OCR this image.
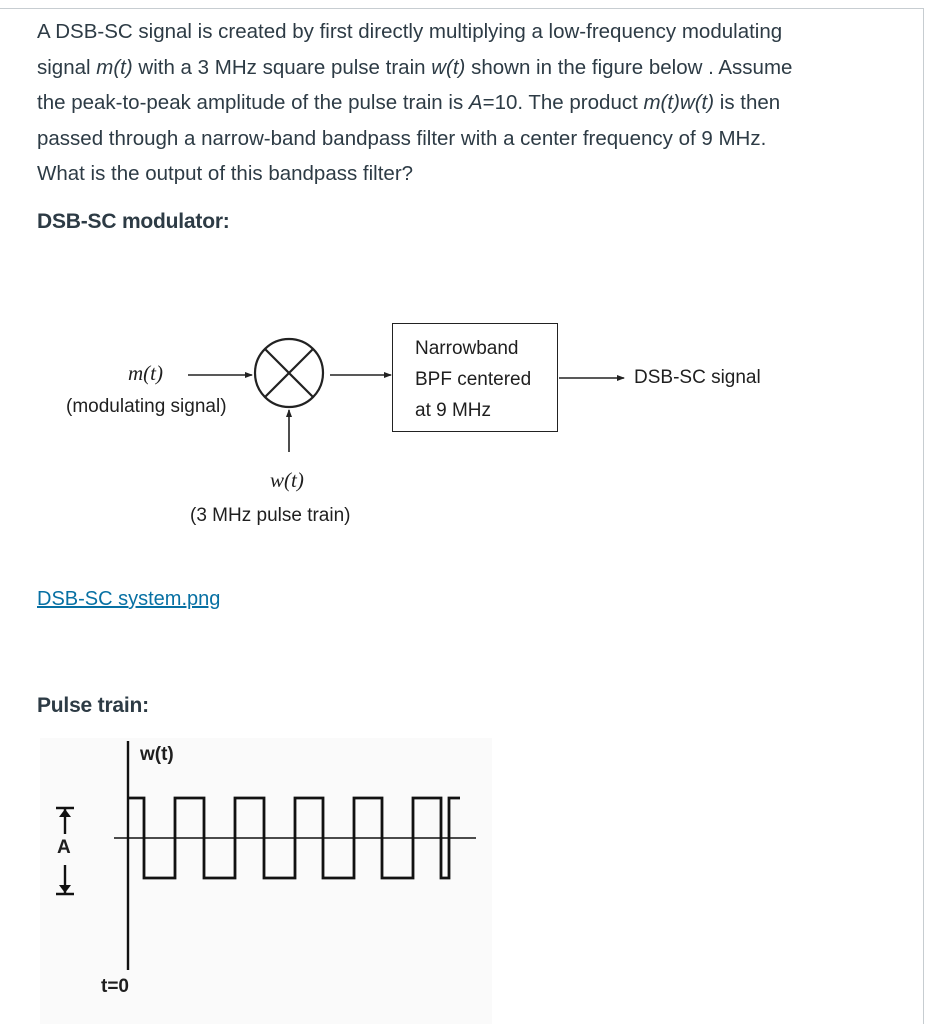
A DSB-SC signal is created by first directly multiplying a low-frequency modulating

signal m(t) with a 3 MHz square pulse train w(t) shown in the figure below . Assume

the peak-to-peak amplitude of the pulse train is A=10. The product m(t)w(t) is then

passed through a narrow-band bandpass filter with a center frequency of 9 MHz.

What is the output of this bandpass filter?

DSB-SC modulator:
m(t)
(modulating signal)
Narrowband
BPF centered
at 9 MHz
DSB-SC signal
w(t)
(3 MHz pulse train)
DSB-SC system.png
Pulse train:
w(t)
A
t=0
